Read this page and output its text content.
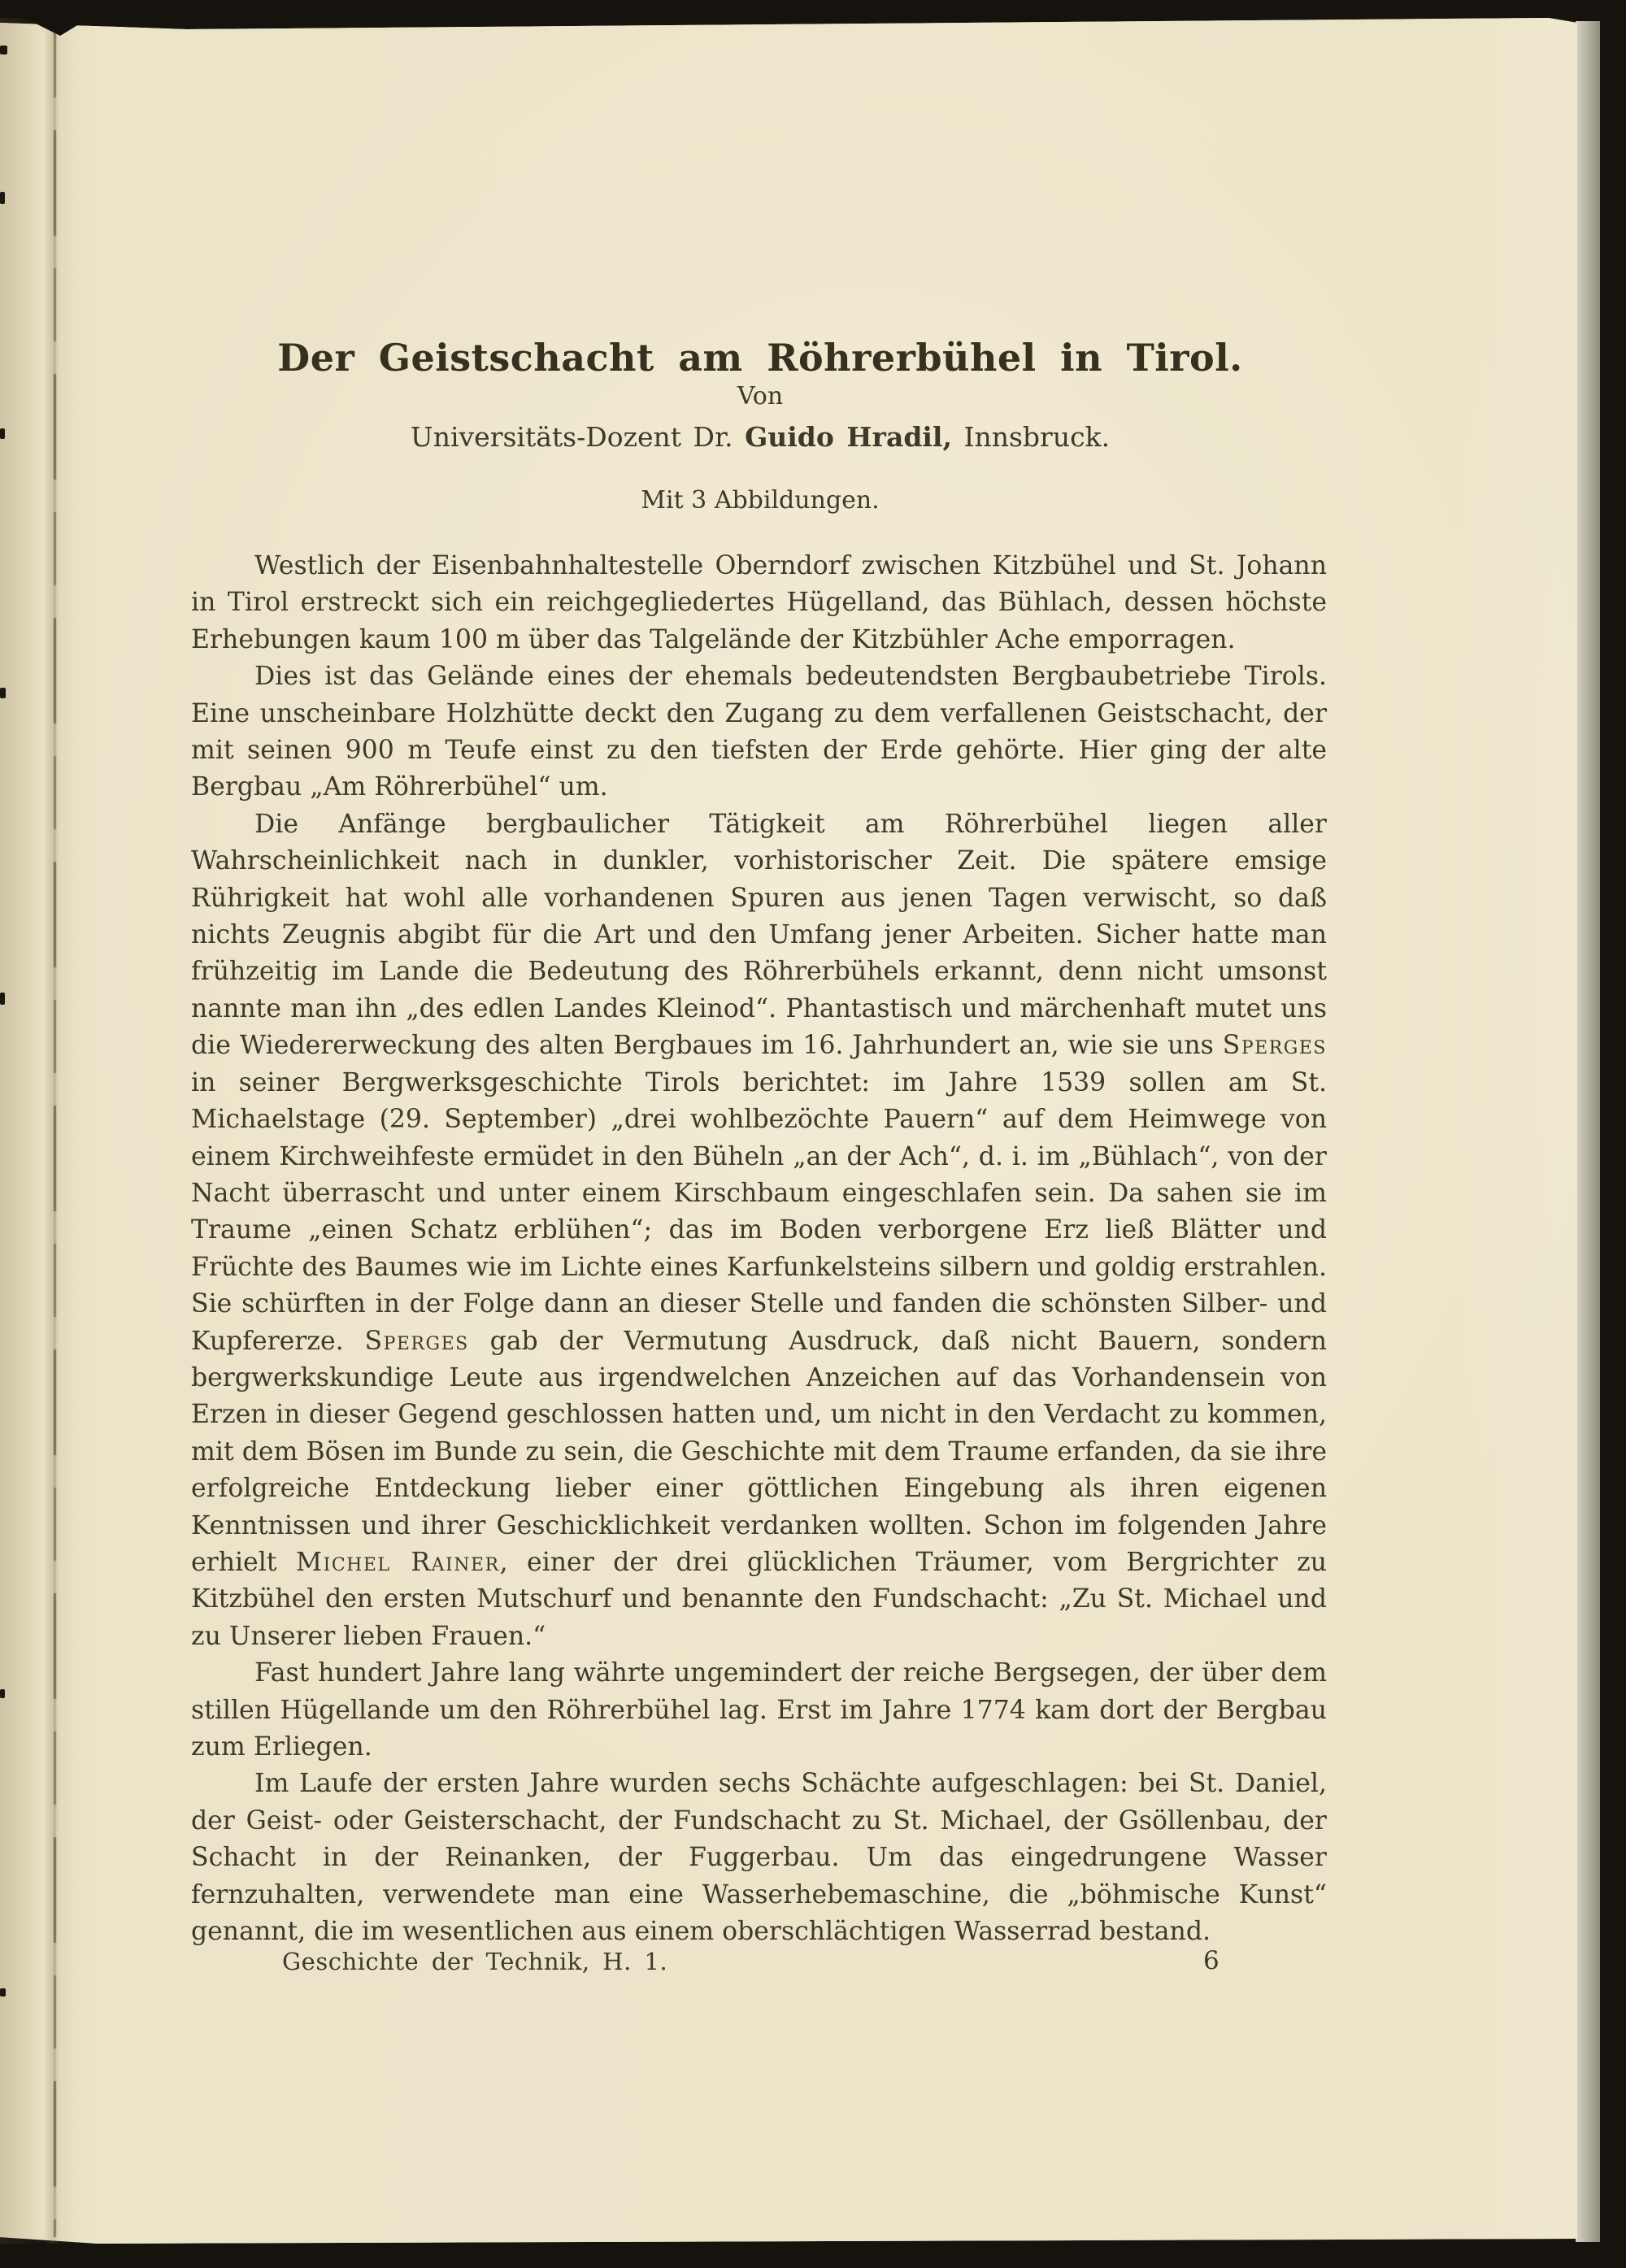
Der Geistschacht am Röhrerbühel in Tirol.
Von
Universitäts-Dozent Dr. Guido Hradil, Innsbruck.
Mit 3 Abbildungen.

Westlich der Eisenbahnhaltestelle Oberndorf zwischen Kitzbühel und St. Johann in Tirol erstreckt sich ein reichgegliedertes Hügelland, das Bühlach, dessen höchste Erhebungen kaum 100 m über das Talgelände der Kitzbühler Ache emporragen.

Dies ist das Gelände eines der ehemals bedeutendsten Bergbaubetriebe Tirols. Eine unscheinbare Holzhütte deckt den Zugang zu dem verfallenen Geistschacht, der mit seinen 900 m Teufe einst zu den tiefsten der Erde gehörte. Hier ging der alte Bergbau „Am Röhrerbühel“ um.

Die Anfänge bergbaulicher Tätigkeit am Röhrerbühel liegen aller Wahrscheinlichkeit nach in dunkler, vorhistorischer Zeit. Die spätere emsige Rührigkeit hat wohl alle vorhandenen Spuren aus jenen Tagen verwischt, so daß nichts Zeugnis abgibt für die Art und den Umfang jener Arbeiten. Sicher hatte man frühzeitig im Lande die Bedeutung des Röhrerbühels erkannt, denn nicht umsonst nannte man ihn „des edlen Landes Kleinod“. Phantastisch und märchenhaft mutet uns die Wiedererweckung des alten Bergbaues im 16. Jahrhundert an, wie sie uns Sperges in seiner Bergwerksgeschichte Tirols berichtet: im Jahre 1539 sollen am St. Michaelstage (29. September) „drei wohlbezöchte Pauern“ auf dem Heimwege von einem Kirchweihfeste ermüdet in den Büheln „an der Ach“, d. i. im „Bühlach“, von der Nacht überrascht und unter einem Kirschbaum eingeschlafen sein. Da sahen sie im Traume „einen Schatz erblühen“; das im Boden verborgene Erz ließ Blätter und Früchte des Baumes wie im Lichte eines Karfunkelsteins silbern und goldig erstrahlen. Sie schürften in der Folge dann an dieser Stelle und fanden die schönsten Silber- und Kupfererze. Sperges gab der Vermutung Ausdruck, daß nicht Bauern, sondern bergwerkskundige Leute aus irgendwelchen Anzeichen auf das Vorhandensein von Erzen in dieser Gegend geschlossen hatten und, um nicht in den Verdacht zu kommen, mit dem Bösen im Bunde zu sein, die Geschichte mit dem Traume erfanden, da sie ihre erfolgreiche Entdeckung lieber einer göttlichen Eingebung als ihren eigenen Kenntnissen und ihrer Geschicklichkeit verdanken wollten. Schon im folgenden Jahre erhielt Michel Rainer, einer der drei glücklichen Träumer, vom Bergrichter zu Kitzbühel den ersten Mutschurf und benannte den Fundschacht: „Zu St. Michael und zu Unserer lieben Frauen.“

Fast hundert Jahre lang währte ungemindert der reiche Bergsegen, der über dem stillen Hügellande um den Röhrerbühel lag. Erst im Jahre 1774 kam dort der Bergbau zum Erliegen.

Im Laufe der ersten Jahre wurden sechs Schächte aufgeschlagen: bei St. Daniel, der Geist- oder Geisterschacht, der Fundschacht zu St. Michael, der Gsöllenbau, der Schacht in der Reinanken, der Fuggerbau. Um das eingedrungene Wasser fernzuhalten, verwendete man eine Wasserhebemaschine, die „böhmische Kunst“ genannt, die im wesentlichen aus einem oberschlächtigen Wasserrad bestand.

Geschichte der Technik, H. 1.	6
